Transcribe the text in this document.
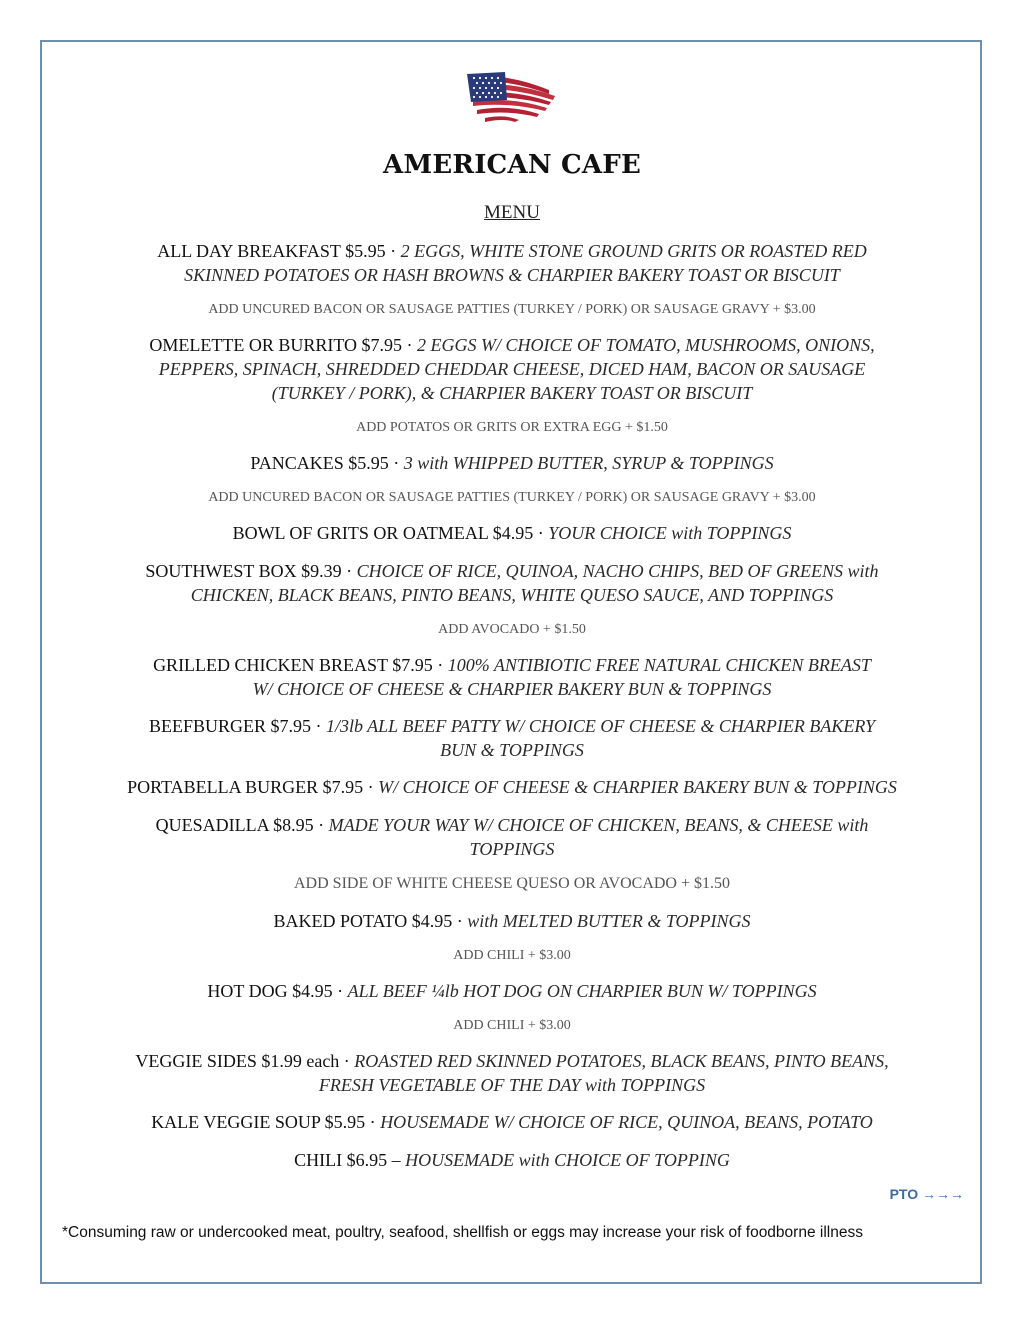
AMERICAN CAFE
MENU
ALL DAY BREAKFAST $5.95 · 2 EGGS, WHITE STONE GROUND GRITS OR ROASTED RED
SKINNED POTATOES OR HASH BROWNS & CHARPIER BAKERY TOAST OR BISCUIT
ADD UNCURED BACON OR SAUSAGE PATTIES (TURKEY / PORK) OR SAUSAGE GRAVY + $3.00
OMELETTE OR BURRITO $7.95 · 2 EGGS W/ CHOICE OF TOMATO, MUSHROOMS, ONIONS,
PEPPERS, SPINACH, SHREDDED CHEDDAR CHEESE, DICED HAM, BACON OR SAUSAGE
(TURKEY / PORK), & CHARPIER BAKERY TOAST OR BISCUIT
ADD POTATOS OR GRITS OR EXTRA EGG + $1.50
PANCAKES $5.95 · 3 with WHIPPED BUTTER, SYRUP & TOPPINGS
ADD UNCURED BACON OR SAUSAGE PATTIES (TURKEY / PORK) OR SAUSAGE GRAVY + $3.00
BOWL OF GRITS OR OATMEAL $4.95 · YOUR CHOICE with TOPPINGS
SOUTHWEST BOX $9.39 · CHOICE OF RICE, QUINOA, NACHO CHIPS, BED OF GREENS with
CHICKEN, BLACK BEANS, PINTO BEANS, WHITE QUESO SAUCE, AND TOPPINGS
ADD AVOCADO + $1.50
GRILLED CHICKEN BREAST $7.95 · 100% ANTIBIOTIC FREE NATURAL CHICKEN BREAST
W/ CHOICE OF CHEESE & CHARPIER BAKERY BUN & TOPPINGS
BEEFBURGER $7.95 · 1/3lb ALL BEEF PATTY W/ CHOICE OF CHEESE & CHARPIER BAKERY
BUN & TOPPINGS
PORTABELLA BURGER $7.95 · W/ CHOICE OF CHEESE & CHARPIER BAKERY BUN & TOPPINGS
QUESADILLA $8.95 · MADE YOUR WAY W/ CHOICE OF CHICKEN, BEANS, & CHEESE with
TOPPINGS
ADD SIDE OF WHITE CHEESE QUESO OR AVOCADO + $1.50
BAKED POTATO $4.95 · with MELTED BUTTER & TOPPINGS
ADD CHILI + $3.00
HOT DOG $4.95 · ALL BEEF ¼lb HOT DOG ON CHARPIER BUN W/ TOPPINGS
ADD CHILI + $3.00
VEGGIE SIDES $1.99 each · ROASTED RED SKINNED POTATOES, BLACK BEANS, PINTO BEANS,
FRESH VEGETABLE OF THE DAY with TOPPINGS
KALE VEGGIE SOUP $5.95 · HOUSEMADE W/ CHOICE OF RICE, QUINOA, BEANS, POTATO
CHILI $6.95 – HOUSEMADE with CHOICE OF TOPPING
PTO →→→
*Consuming raw or undercooked meat, poultry, seafood, shellfish or eggs may increase your risk of foodborne illness
